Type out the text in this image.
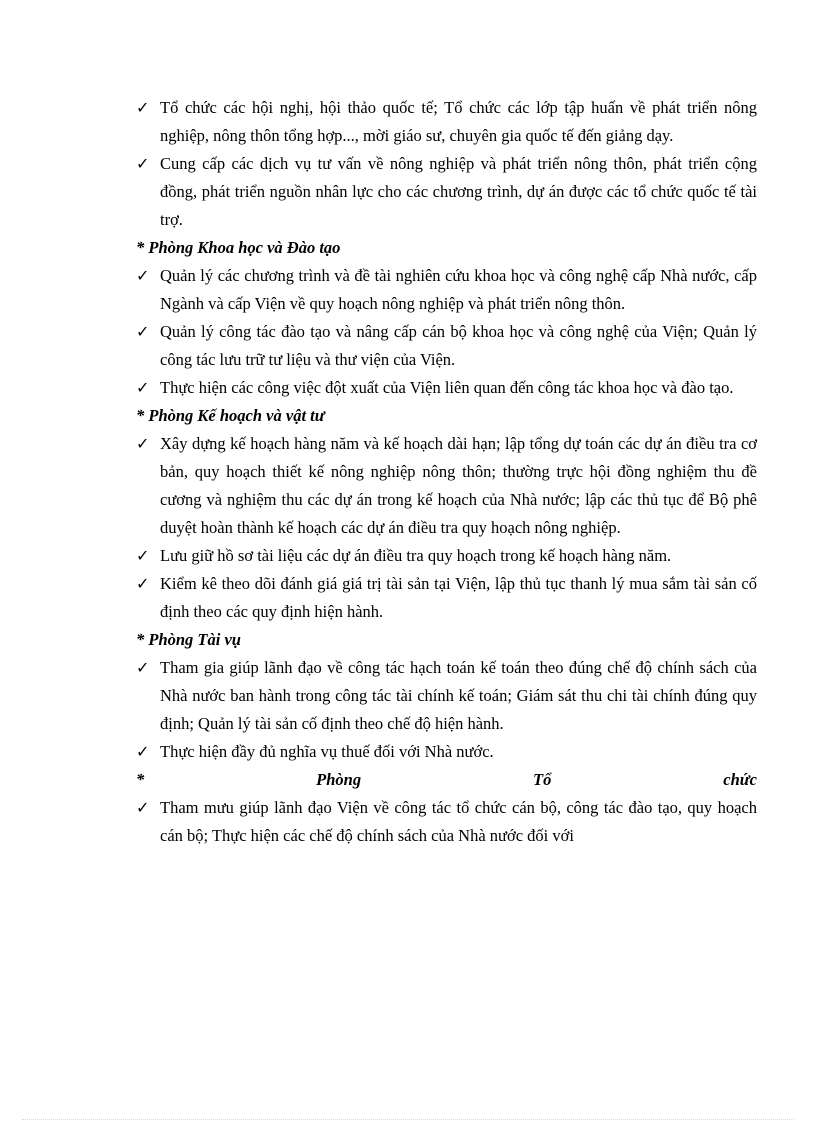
✓ Tổ chức các hội nghị, hội thảo quốc tế; Tổ chức các lớp tập huấn về phát triển nông nghiệp, nông thôn tổng hợp..., mời giáo sư, chuyên gia quốc tế đến giảng dạy.
✓ Cung cấp các dịch vụ tư vấn về nông nghiệp và phát triển nông thôn, phát triển cộng đồng, phát triển nguồn nhân lực cho các chương trình, dự án được các tổ chức quốc tế tài trợ.
* Phòng Khoa học và Đào tạo
✓ Quản lý các chương trình và đề tài nghiên cứu khoa học và công nghệ cấp Nhà nước, cấp Ngành và cấp Viện về quy hoạch nông nghiệp và phát triển nông thôn.
✓ Quản lý công tác đào tạo và nâng cấp cán bộ khoa học và công nghệ của Viện; Quản lý công tác lưu trữ tư liệu và thư viện của Viện.
✓ Thực hiện các công việc đột xuất của Viện liên quan đến công tác khoa học và đào tạo.
* Phòng Kế hoạch và vật tư
✓ Xây dựng kế hoạch hàng năm và kế hoạch dài hạn; lập tổng dự toán các dự án điều tra cơ bản, quy hoạch thiết kế nông nghiệp nông thôn; thường trực hội đồng nghiệm thu đề cương và nghiệm thu các dự án trong kế hoạch của Nhà nước; lập các thủ tục để Bộ phê duyệt hoàn thành kế hoạch các dự án điều tra quy hoạch nông nghiệp.
✓ Lưu giữ hồ sơ tài liệu các dự án điều tra quy hoạch trong kế hoạch hàng năm.
✓ Kiểm kê theo dõi đánh giá giá trị tài sản tại Viện, lập thủ tục thanh lý mua sắm tài sản cố định theo các quy định hiện hành.
* Phòng Tài vụ
✓ Tham gia giúp lãnh đạo về công tác hạch toán kế toán theo đúng chế độ chính sách của Nhà nước ban hành trong công tác tài chính kế toán; Giám sát thu chi tài chính đúng quy định; Quản lý tài sản cố định theo chế độ hiện hành.
✓ Thực hiện đầy đủ nghĩa vụ thuế đối với Nhà nước.
*	Phòng	Tổ	chức
✓ Tham mưu giúp lãnh đạo Viện về công tác tổ chức cán bộ, công tác đào tạo, quy hoạch cán bộ; Thực hiện các chế độ chính sách của Nhà nước đối với
